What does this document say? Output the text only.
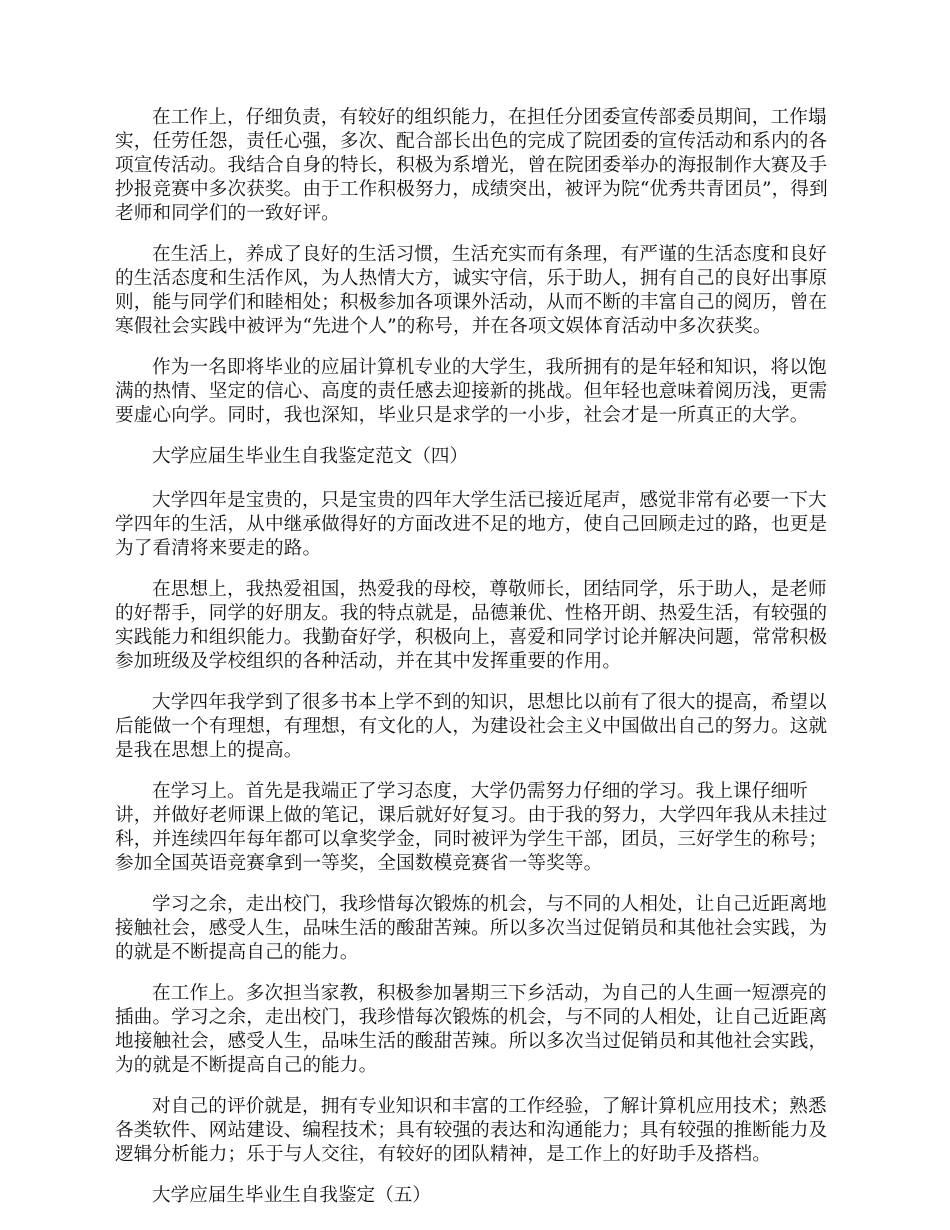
在工作上，仔细负责，有较好的组织能力，在担任分团委宣传部委员期间，工作塌实，任劳任怨，责任心强，多次、配合部长出色的完成了院团委的宣传活动和系内的各项宣传活动。我结合自身的特长，积极为系增光，曾在院团委举办的海报制作大赛及手抄报竞赛中多次获奖。由于工作积极努力，成绩突出，被评为院“优秀共青团员”，得到老师和同学们的一致好评。

在生活上，养成了良好的生活习惯，生活充实而有条理，有严谨的生活态度和良好的生活态度和生活作风，为人热情大方，诚实守信，乐于助人，拥有自己的良好出事原则，能与同学们和睦相处；积极参加各项课外活动，从而不断的丰富自己的阅历，曾在寒假社会实践中被评为“先进个人”的称号，并在各项文娱体育活动中多次获奖。

作为一名即将毕业的应届计算机专业的大学生，我所拥有的是年轻和知识，将以饱满的热情、坚定的信心、高度的责任感去迎接新的挑战。但年轻也意味着阅历浅，更需要虚心向学。同时，我也深知，毕业只是求学的一小步，社会才是一所真正的大学。

大学应届生毕业生自我鉴定范文（四）

大学四年是宝贵的，只是宝贵的四年大学生活已接近尾声，感觉非常有必要一下大学四年的生活，从中继承做得好的方面改进不足的地方，使自己回顾走过的路，也更是为了看清将来要走的路。

在思想上，我热爱祖国，热爱我的母校，尊敬师长，团结同学，乐于助人，是老师的好帮手，同学的好朋友。我的特点就是，品德兼优、性格开朗、热爱生活，有较强的实践能力和组织能力。我勤奋好学，积极向上，喜爱和同学讨论并解决问题，常常积极参加班级及学校组织的各种活动，并在其中发挥重要的作用。

大学四年我学到了很多书本上学不到的知识，思想比以前有了很大的提高，希望以后能做一个有理想，有理想，有文化的人，为建设社会主义中国做出自己的努力。这就是我在思想上的提高。

在学习上。首先是我端正了学习态度，大学仍需努力仔细的学习。我上课仔细听讲，并做好老师课上做的笔记，课后就好好复习。由于我的努力，大学四年我从未挂过科，并连续四年每年都可以拿奖学金，同时被评为学生干部，团员，三好学生的称号；参加全国英语竞赛拿到一等奖，全国数模竞赛省一等奖等。

学习之余，走出校门，我珍惜每次锻炼的机会，与不同的人相处，让自己近距离地接触社会，感受人生，品味生活的酸甜苦辣。所以多次当过促销员和其他社会实践，为的就是不断提高自己的能力。

在工作上。多次担当家教，积极参加暑期三下乡活动，为自己的人生画一短漂亮的插曲。学习之余，走出校门，我珍惜每次锻炼的机会，与不同的人相处，让自己近距离地接触社会，感受人生，品味生活的酸甜苦辣。所以多次当过促销员和其他社会实践，为的就是不断提高自己的能力。

对自己的评价就是，拥有专业知识和丰富的工作经验，了解计算机应用技术；熟悉各类软件、网站建设、编程技术；具有较强的表达和沟通能力；具有较强的推断能力及逻辑分析能力；乐于与人交往，有较好的团队精神，是工作上的好助手及搭档。

大学应届生毕业生自我鉴定（五）
